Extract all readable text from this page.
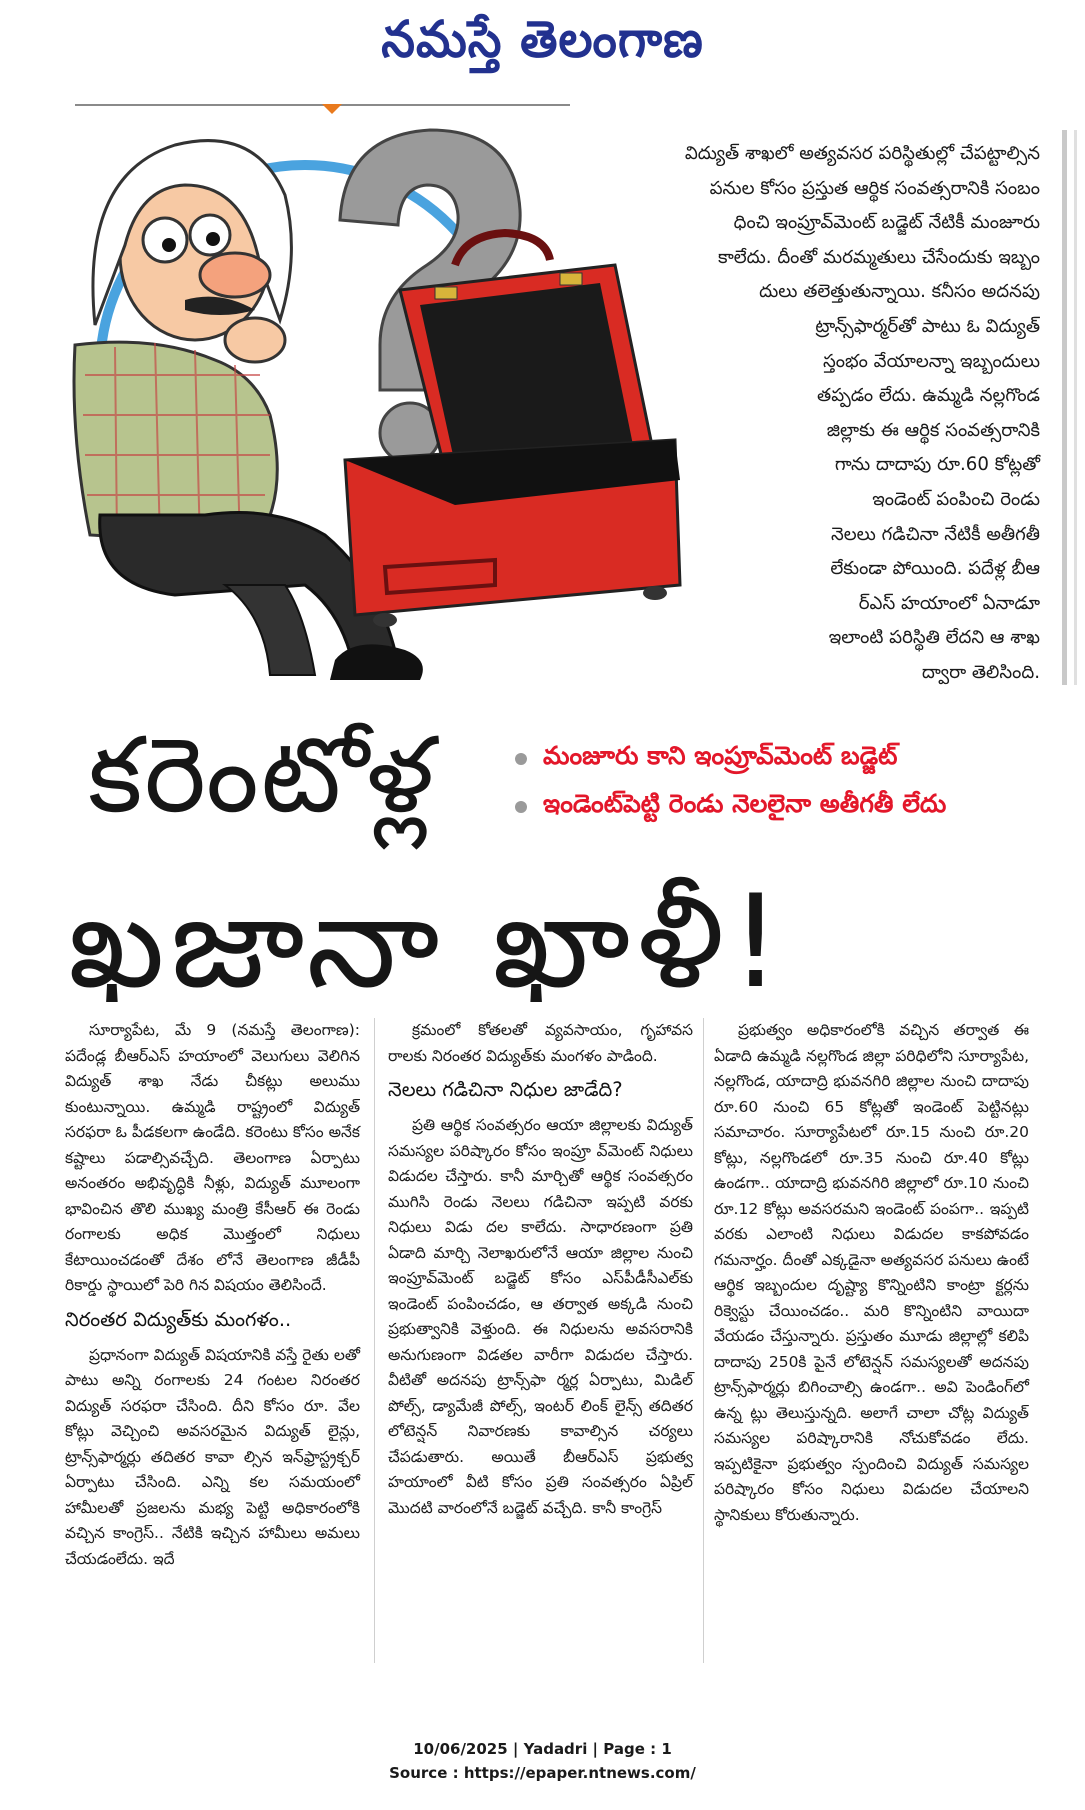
నమస్తే తెలంగాణ
విద్యుత్ శాఖలో అత్యవసర పరిస్థితుల్లో చేపట్టాల్సిన
పనుల కోసం ప్రస్తుత ఆర్థిక సంవత్సరానికి సంబం
ధించి ఇంప్రూవ్‌మెంట్ బడ్జెట్ నేటికీ మంజూరు
కాలేదు. దీంతో మరమ్మతులు చేసేందుకు ఇబ్బం
దులు తలెత్తుతున్నాయి. కనీసం అదనపు
ట్రాన్స్‌ఫార్మర్‌తో పాటు ఓ విద్యుత్
స్తంభం వేయాలన్నా ఇబ్బందులు
తప్పడం లేదు. ఉమ్మడి నల్లగొండ
జిల్లాకు ఈ ఆర్థిక సంవత్సరానికి
గాను దాదాపు రూ.60 కోట్లతో
ఇండెంట్ పంపించి రెండు
నెలలు గడిచినా నేటికీ అతీగతీ
లేకుండా పోయింది. పదేళ్ల బీఆ
ర్‌ఎస్ హయాంలో ఏనాడూ
ఇలాంటి పరిస్థితి లేదని ఆ శాఖ
ద్వారా తెలిసింది.
కరెంటోళ్ల	మంజూరు కాని ఇంప్రూవ్‌మెంట్ బడ్జెట్
ఇండెంట్‌పెట్టి రెండు నెలలైనా అతీగతీ లేదు
ఖజానా ఖాళీ!

సూర్యాపేట, మే 9 (నమస్తే తెలంగాణ): పదేండ్ల బీఆర్‌ఎస్ హయాంలో వెలుగులు వెలిగిన విద్యుత్ శాఖ నేడు చీకట్లు అలుము కుంటున్నాయి. ఉమ్మడి రాష్ట్రంలో విద్యుత్ సరఫరా ఓ పీడకలగా ఉండేది. కరెంటు కోసం అనేక కష్టాలు పడాల్సివచ్చేది. తెలంగాణ ఏర్పాటు అనంతరం అభివృద్ధికి నీళ్లు, విద్యుత్ మూలంగా భావించిన తొలి ముఖ్య మంత్రి కేసీఆర్ ఈ రెండు రంగాలకు అధిక మొత్తంలో నిధులు కేటాయించడంతో దేశం లోనే తెలంగాణ జీడీపీ రికార్డు స్థాయిలో పెరి గిన విషయం తెలిసిందే.

నిరంతర విద్యుత్‌కు మంగళం..

ప్రధానంగా విద్యుత్ విషయానికి వస్తే రైతు లతో పాటు అన్ని రంగాలకు 24 గంటల నిరంతర విద్యుత్ సరఫరా చేసింది. దీని కోసం రూ. వేల కోట్లు వెచ్చించి అవసరమైన విద్యుత్ లైన్లు, ట్రాన్స్‌ఫార్మర్లు తదితర కావా ల్సిన ఇన్‌ఫ్రాస్ట్రక్చర్ ఏర్పాటు చేసింది. ఎన్ని కల సమయంలో హామీలతో ప్రజలను మభ్య పెట్టి అధికారంలోకి వచ్చిన కాంగ్రెస్.. నేటికి ఇచ్చిన హామీలు అమలు చేయడంలేదు. ఇదే

క్రమంలో కోతలతో వ్యవసాయం, గృహావస రాలకు నిరంతర విద్యుత్‌కు మంగళం పాడింది.

నెలలు గడిచినా నిధుల జాడేది?

ప్రతి ఆర్థిక సంవత్సరం ఆయా జిల్లాలకు విద్యుత్ సమస్యల పరిష్కారం కోసం ఇంప్రూ వ్‌మెంట్ నిధులు విడుదల చేస్తారు. కానీ మార్చితో ఆర్థిక సంవత్సరం ముగిసి రెండు నెలలు గడిచినా ఇప్పటి వరకు నిధులు విడు దల కాలేదు. సాధారణంగా ప్రతి ఏడాది మార్చి నెలాఖరులోనే ఆయా జిల్లాల నుంచి ఇంప్రూవ్‌మెంట్ బడ్జెట్ కోసం ఎస్‌పీడీసీఎల్‌కు ఇండెంట్ పంపించడం, ఆ తర్వాత అక్కడి నుంచి ప్రభుత్వానికి వెళ్తుంది. ఈ నిధులను అవసరానికి అనుగుణంగా విడతల వారీగా విడుదల చేస్తారు. వీటితో అదనపు ట్రాన్స్‌ఫా ర్మర్ల ఏర్పాటు, మిడిల్ పోల్స్, డ్యామేజీ పోల్స్, ఇంటర్ లింక్ లైన్స్ తదితర లోటెన్షన్ నివారణకు కావాల్సిన చర్యలు చేపడుతారు. అయితే బీఆర్‌ఎస్ ప్రభుత్వ హయాంలో వీటి కోసం ప్రతి సంవత్సరం ఏప్రిల్ మొదటి వారంలోనే బడ్జెట్ వచ్చేది. కానీ కాంగ్రెస్

ప్రభుత్వం అధికారంలోకి వచ్చిన తర్వాత ఈ ఏడాది ఉమ్మడి నల్లగొండ జిల్లా పరిధిలోని సూర్యాపేట, నల్లగొండ, యాదాద్రి భువనగిరి జిల్లాల నుంచి దాదాపు రూ.60 నుంచి 65 కోట్లతో ఇండెంట్ పెట్టినట్లు సమాచారం. సూర్యాపేటలో రూ.15 నుంచి రూ.20 కోట్లు, నల్లగొండలో రూ.35 నుంచి రూ.40 కోట్లు ఉండగా.. యాదాద్రి భువనగిరి జిల్లాలో రూ.10 నుంచి రూ.12 కోట్లు అవసరమని ఇండెంట్ పంపగా.. ఇప్పటి వరకు ఎలాంటి నిధులు విడుదల కాకపోవడం గమనార్హం. దీంతో ఎక్కడైనా అత్యవసర పనులు ఉంటే ఆర్థిక ఇబ్బందుల దృష్ట్యా కొన్నింటిని కాంట్రా క్టర్లను రిక్వెస్టు చేయించడం.. మరి కొన్నింటిని వాయిదా వేయడం చేస్తున్నారు. ప్రస్తుతం మూడు జిల్లాల్లో కలిపి దాదాపు 250కి పైనే లోటెన్షన్ సమస్యలతో అదనపు ట్రాన్స్‌ఫార్మర్లు బిగించాల్సి ఉండగా.. అవి పెండింగ్‌లో ఉన్న ట్లు తెలుస్తున్నది. అలాగే చాలా చోట్ల విద్యుత్ సమస్యల పరిష్కారానికి నోచుకోవడం లేదు. ఇప్పటికైనా ప్రభుత్వం స్పందించి విద్యుత్ సమస్యల పరిష్కారం కోసం నిధులు విడుదల చేయాలని స్థానికులు కోరుతున్నారు.

10/06/2025 | Yadadri | Page : 1
Source : https://epaper.ntnews.com/
